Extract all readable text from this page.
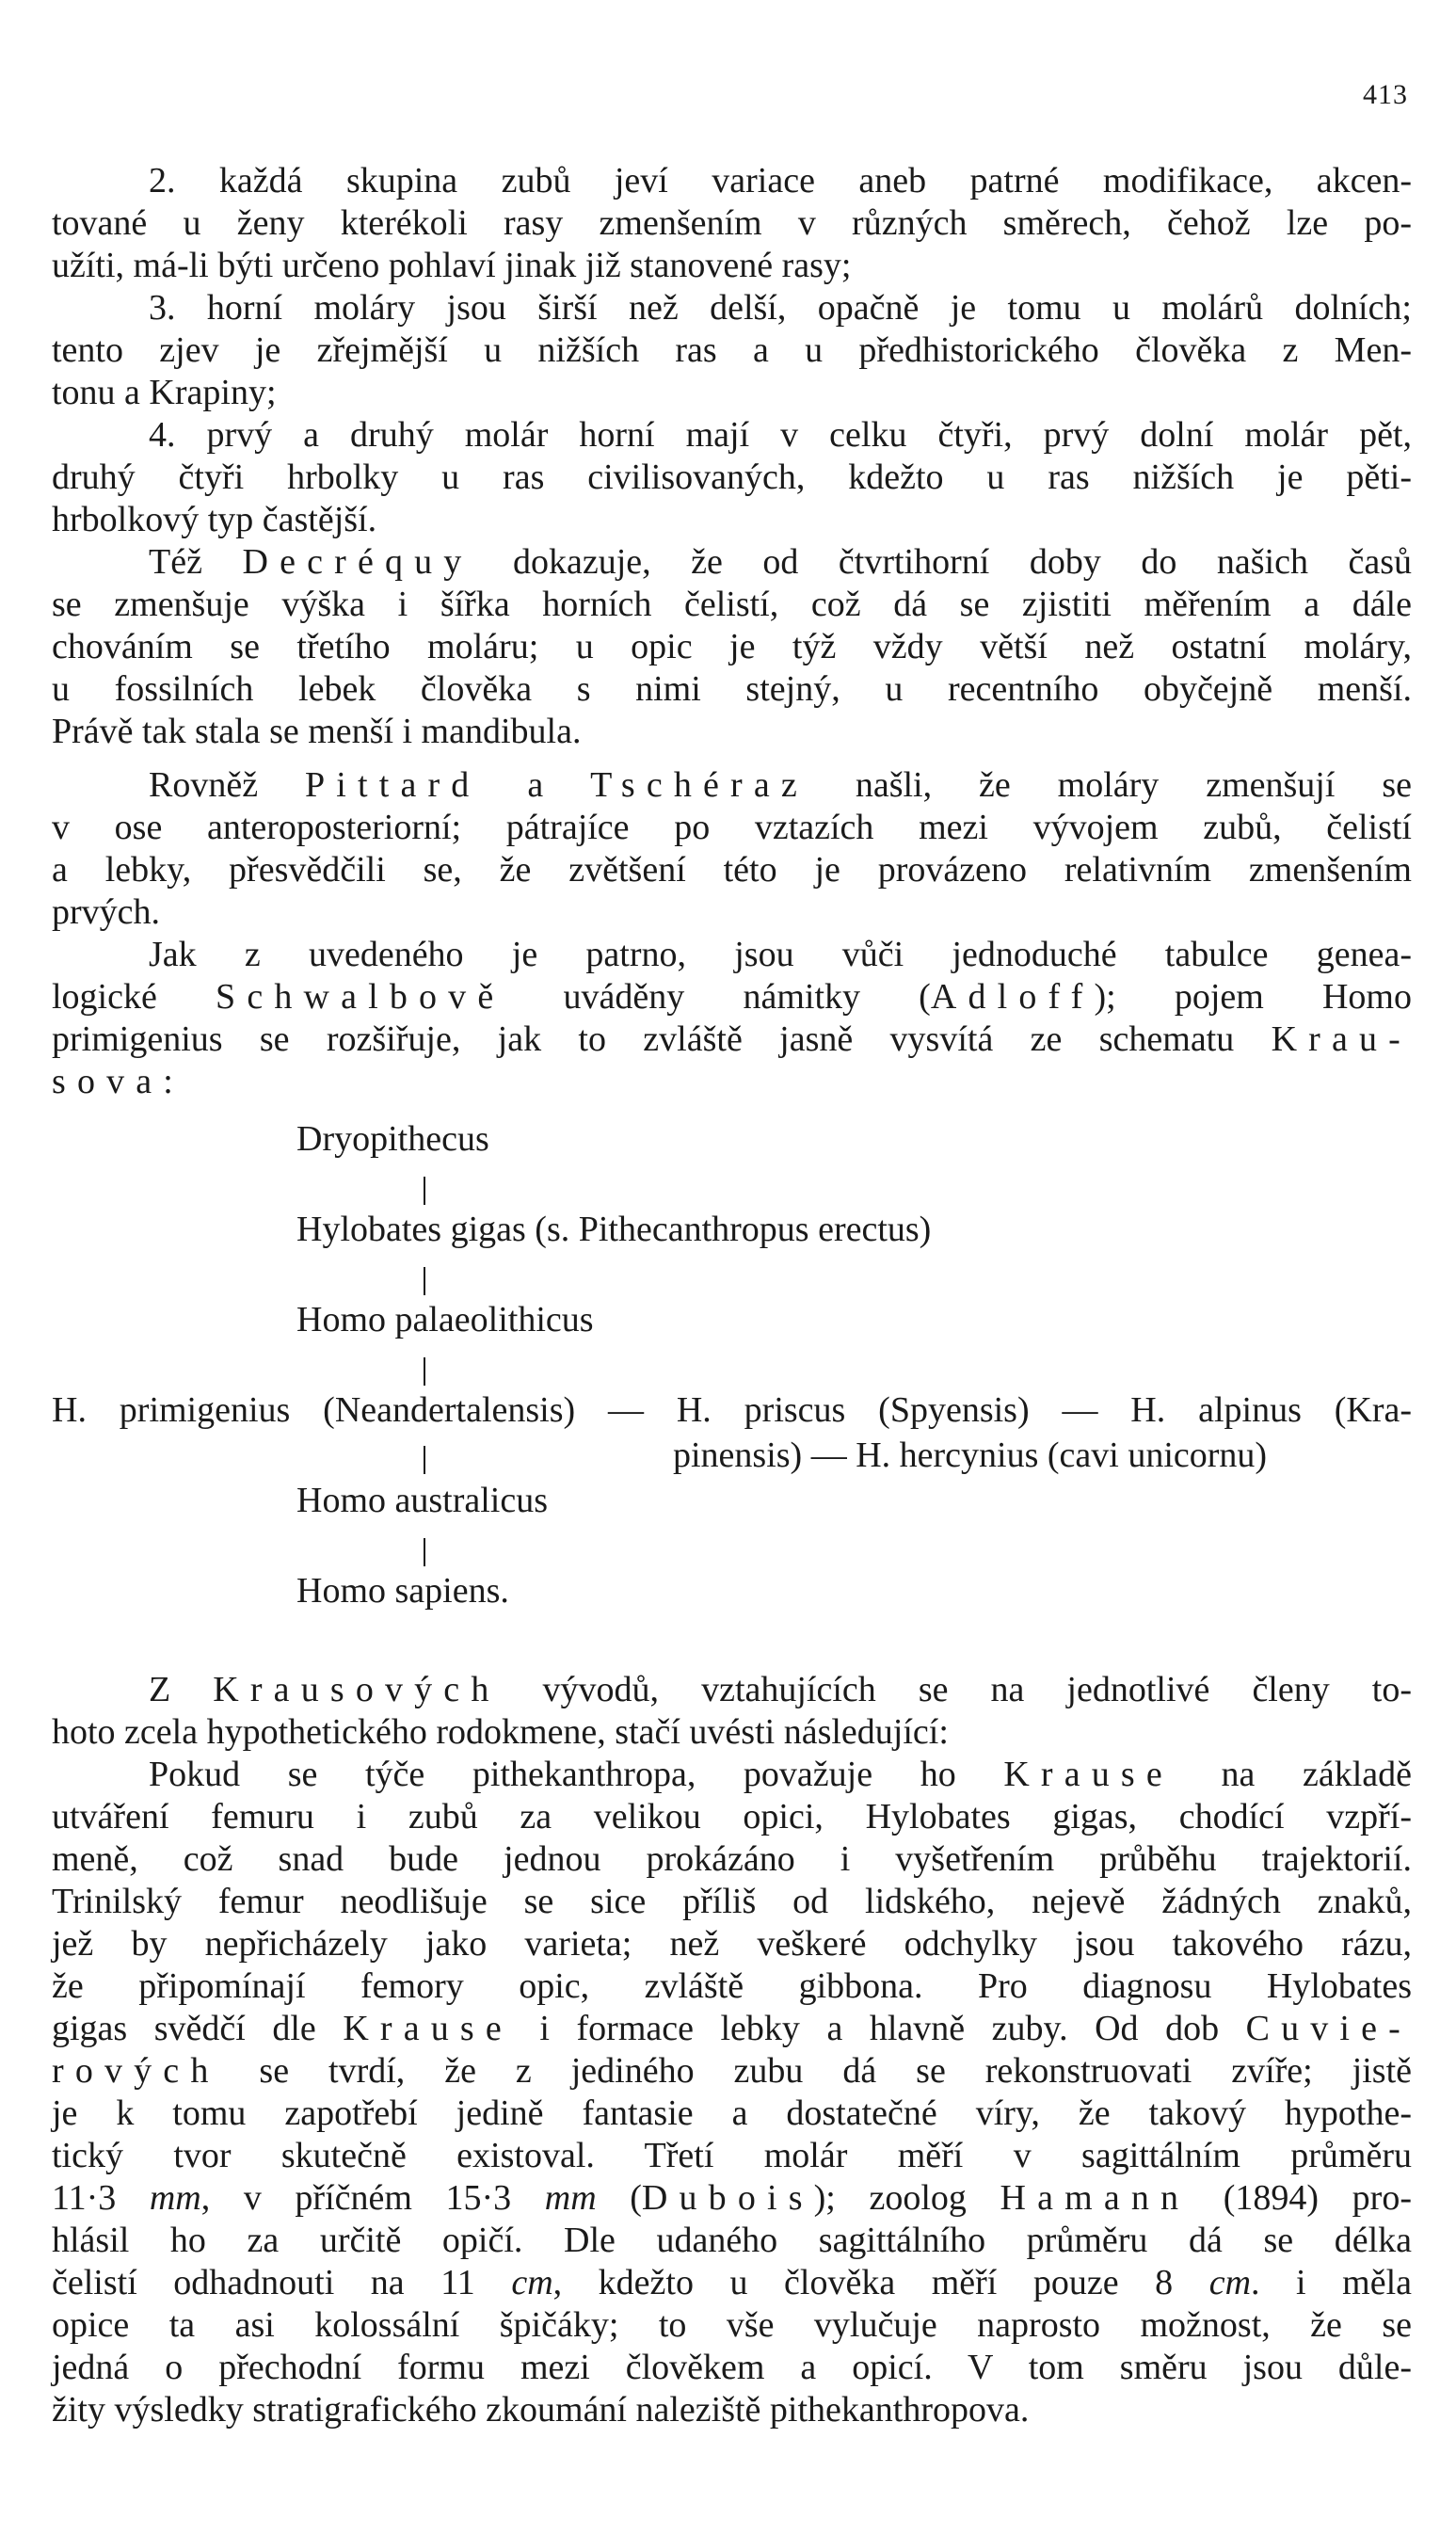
413

2. každá skupina zubů jeví variace aneb patrné modifikace, akcen-
tované u ženy kterékoli rasy zmenšením v různých směrech, čehož lze po-
užíti, má-li býti určeno pohlaví jinak již stanovené rasy;

3. horní moláry jsou širší než delší, opačně je tomu u molárů dolních;
tento zjev je zřejmější u nižších ras a u předhistorického člověka z Men-
tonu a Krapiny;

4. prvý a druhý molár horní mají v celku čtyři, prvý dolní molár pět,
druhý čtyři hrbolky u ras civilisovaných, kdežto u ras nižších je pěti-
hrbolkový typ častější.

Též Decréquy dokazuje, že od čtvrtihorní doby do našich časů
se zmenšuje výška i šířka horních čelistí, což dá se zjistiti měřením a dále
chováním se třetího moláru; u opic je týž vždy větší než ostatní moláry,
u fossilních lebek člověka s nimi stejný, u recentního obyčejně menší.
Právě tak stala se menší i mandibula.

Rovněž Pittard a Tschéraz našli, že moláry zmenšují se
v ose anteroposteriorní; pátrajíce po vztazích mezi vývojem zubů, čelistí
a lebky, přesvědčili se, že zvětšení této je provázeno relativním zmenšením
prvých.

Jak z uvedeného je patrno, jsou vůči jednoduché tabulce geneа-
logické Schwalbově uváděny námitky (Adloff); pojem Homo
primigenius se rozšiřuje, jak to zvláště jasně vysvítá ze schematu Krau-
sova:

Dryopithecus
Hylobates gigas (s. Pithecanthropus erectus)
Homo palaeolithicus
H. primigenius (Neandertalensis) — H. priscus (Spyensis) — H. alpinus (Kra-
pinensis) — H. hercynius (cavi unicornu)
Homo australicus
Homo sapiens.

Z Krausových vývodů, vztahujících se na jednotlivé členy to-
hoto zcela hypothetického rodokmene, stačí uvésti následující:

Pokud se týče pithekanthropa, považuje ho Krause na základě
utváření femuru i zubů za velikou opici, Hylobates gigas, chodící vzpří-
meně, což snad bude jednou prokázáno i vyšetřením průběhu trajektorií.
Trinilský femur neodlišuje se sice příliš od lidského, nejevě žádných znaků,
jež by nepřicházely jako varieta; než veškeré odchylky jsou takového rázu,
že připomínají femory opic, zvláště gibbona. Pro diagnosu Hylobates
gigas svědčí dle Krause i formace lebky a hlavně zuby. Od dob Cuvie-
rových se tvrdí, že z jediného zubu dá se rekonstruovati zvíře; jistě
je k tomu zapotřebí jedině fantasie a dostatečné víry, že takový hypothe-
tický tvor skutečně existoval. Třetí molár měří v sagittálním průměru
11·3 mm, v příčném 15·3 mm (Dubois); zoolog Hamann (1894) pro-
hlásil ho za určitě opičí. Dle udaného sagittálního průměru dá se délka
čelistí odhadnouti na 11 cm, kdežto u člověka měří pouze 8 cm. i měla
opice ta asi kolossální špičáky; to vše vylučuje naprosto možnost, že se
jedná o přechodní formu mezi člověkem a opicí. V tom směru jsou důle-
žity výsledky stratigrafického zkoumání naleziště pithekanthropova.
